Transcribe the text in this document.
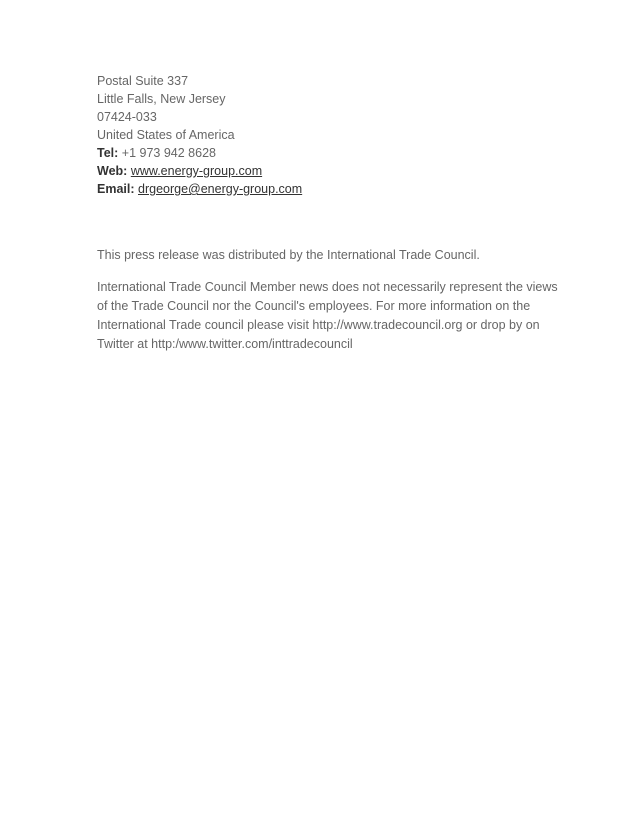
Postal Suite 337
Little Falls, New Jersey
07424-033
United States of America
Tel: +1 973 942 8628
Web: www.energy-group.com
Email: drgeorge@energy-group.com

This press release was distributed by the International Trade Council.

International Trade Council Member news does not necessarily represent the views of the Trade Council nor the Council's employees. For more information on the International Trade council please visit http://www.tradecouncil.org or drop by on Twitter at http:/www.twitter.com/inttradecouncil
